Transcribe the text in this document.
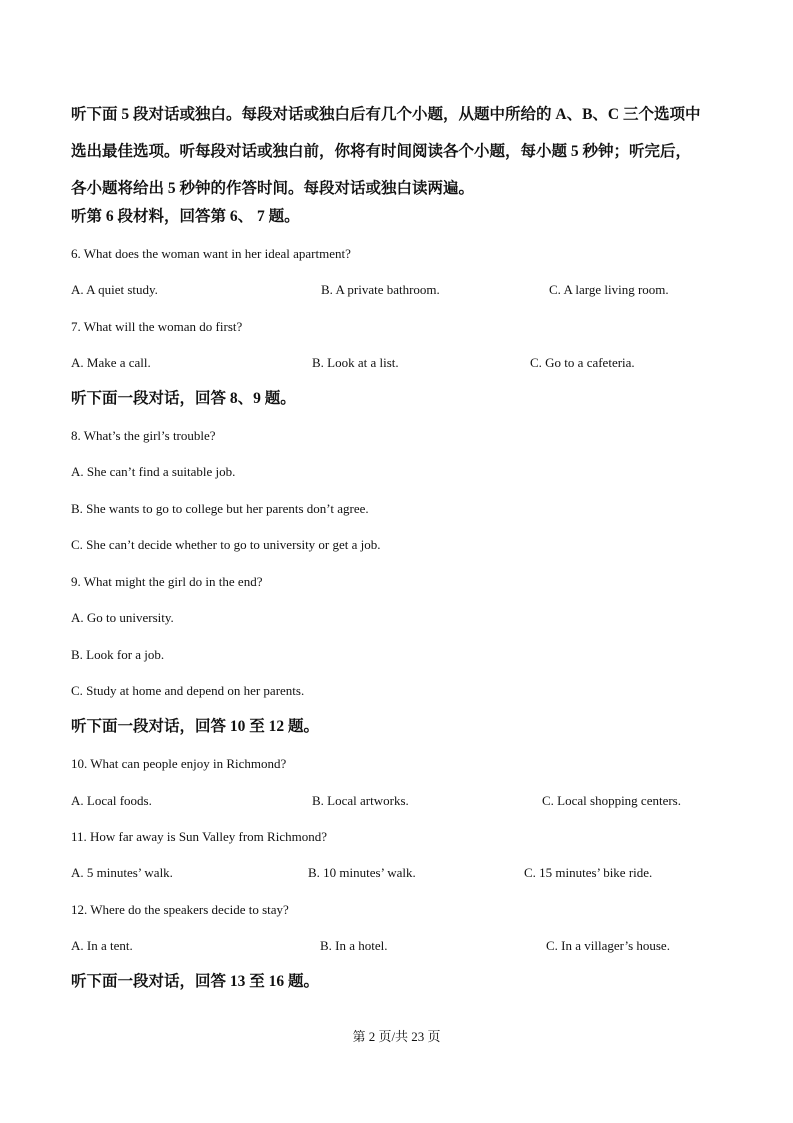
听下面 5 段对话或独白。每段对话或独白后有几个小题，从题中所给的 A、B、C 三个选项中

选出最佳选项。听每段对话或独白前，你将有时间阅读各个小题，每小题 5 秒钟；听完后，

各小题将给出 5 秒钟的作答时间。每段对话或独白读两遍。

听第 6 段材料，回答第 6、 7 题。
6. What does the woman want in her ideal apartment?
A. A quiet study.	B. A private bathroom.	C. A large living room.
7. What will the woman do first?
A. Make a call.	B. Look at a list.	C. Go to a cafeteria.
听下面一段对话，回答 8、9 题。
8. What’s the girl’s trouble?
A. She can’t find a suitable job.
B. She wants to go to college but her parents don’t agree.
C. She can’t decide whether to go to university or get a job.
9. What might the girl do in the end?
A. Go to university.
B. Look for a job.
C. Study at home and depend on her parents.
听下面一段对话，回答 10 至 12 题。
10. What can people enjoy in Richmond?
A. Local foods.	B. Local artworks.	C. Local shopping centers.
11. How far away is Sun Valley from Richmond?
A. 5 minutes’ walk.	B. 10 minutes’ walk.	C. 15 minutes’ bike ride.
12. Where do the speakers decide to stay?
A. In a tent.	B. In a hotel.	C. In a villager’s house.
听下面一段对话，回答 13 至 16 题。
第 2 页/共 23 页
